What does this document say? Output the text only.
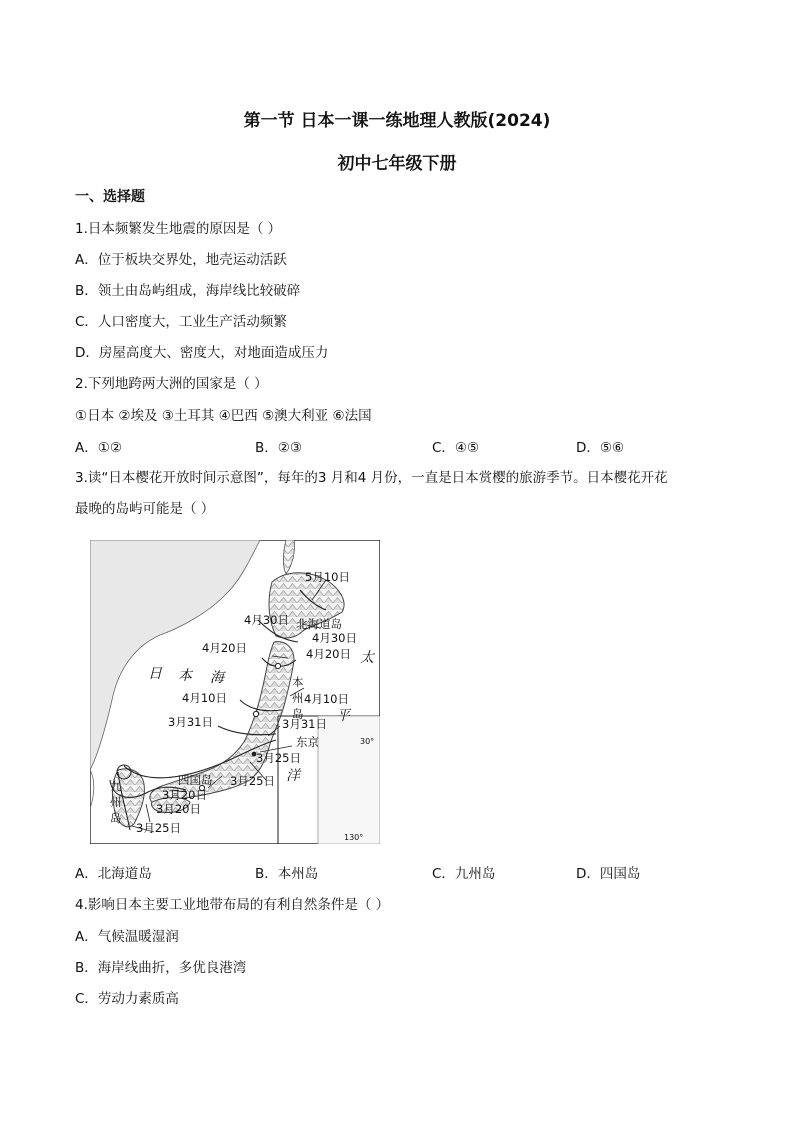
第一节 日本一课一练地理人教版(2024)
初中七年级下册
一、选择题
1.日本频繁发生地震的原因是（ ）
A．位于板块交界处，地壳运动活跃
B．领土由岛屿组成，海岸线比较破碎
C．人口密度大，工业生产活动频繁
D．房屋高度大、密度大，对地面造成压力
2.下列地跨两大洲的国家是（ ）
①日本 ②埃及 ③土耳其 ④巴西 ⑤澳大利亚 ⑥法国
A．①②	B．②③	C．④⑤	D．⑤⑥
3.读“日本樱花开放时间示意图”，每年的3 月和4 月份，一直是日本赏樱的旅游季节。日本樱花开花
最晚的岛屿可能是（ ）
5月10日
4月30日 北海道岛
4月30日
4月20日	4月20日
4月10日	州 4月10日
3月31日	3月31日
东京
3月25日
四国岛 3月25日
3月20日
3月20日
3月25日
本
岛
九
州
岛
日 本 海
太
平
洋
30°
130°
A．北海道岛	B．本州岛	C．九州岛	D．四国岛
4.影响日本主要工业地带布局的有利自然条件是（ ）
A．气候温暖湿润
B．海岸线曲折，多优良港湾
C．劳动力素质高
